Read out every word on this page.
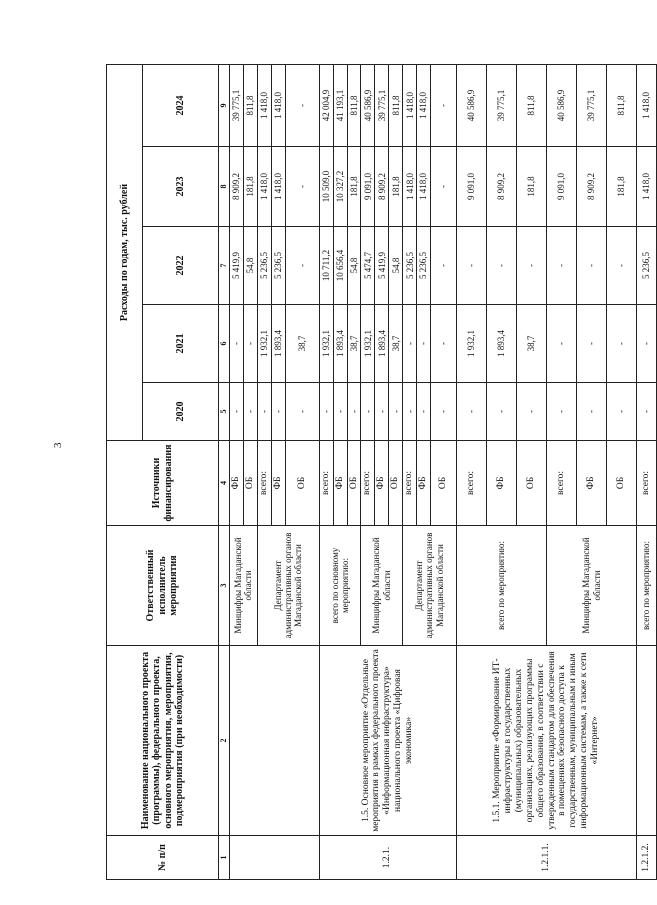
3
№ п/п	Наименование национального проекта (программы), федерального проекта, основного мероприятия, мероприятия, подмероприятия (при необходимости)	Ответственный исполнитель мероприятия	Источники финансирования	Расходы по годам, тыс. рублей				
				2020	2021	2022	2023	2024
1	2	3	4	5	6	7	8	9
		Минцифры Магаданской области	ФБ	-	-	5 419,9	8 909,2	39 775,1
			ОБ	-	-	54,8	181,8	811,8
		Департамент административных органов Магаданской области	всего:	-	1 932,1	5 236,5	1 418,0	1 418,0
			ФБ	-	1 893,4	5 236,5	1 418,0	1 418,0
			ОБ	-	38,7	-	-	-
1.2.1.	1.5. Основное мероприятие «Отдельные мероприятия в рамках федерального проекта «Информационная инфраструктура» национального проекта «Цифровая экономика»	всего по основному мероприятию:	всего:	-	1 932,1	10 711,2	10 509,0	42 004,9
			ФБ	-	1 893,4	10 656,4	10 327,2	41 193,1
			ОБ	-	38,7	54,8	181,8	811,8
		Минцифры Магаданской области	всего:	-	1 932,1	5 474,7	9 091,0	40 586,9
			ФБ	-	1 893,4	5 419,9	8 909,2	39 775,1
			ОБ	-	38,7	54,8	181,8	811,8
		Департамент административных органов Магаданской области	всего:	-	-	5 236,5	1 418,0	1 418,0
			ФБ	-	-	5 236,5	1 418,0	1 418,0
			ОБ	-	-	-	-	-
1.2.1.1.	1.5.1. Мероприятие «Формирование ИТ-инфраструктуры в государственных (муниципальных) образовательных организациях, реализующих программы общего образования, в соответствии с утвержденным стандартом для обеспечения в помещениях безопасного доступа к государственным, муниципальным и иным информационным системам, а также к сети «Интернет»	всего по мероприятию:	всего:	-	1 932,1	-	9 091,0	40 586,9
			ФБ	-	1 893,4	-	8 909,2	39 775,1
			ОБ	-	38,7	-	181,8	811,8
		Минцифры Магаданской области	всего:	-	-	-	9 091,0	40 586,9
			ФБ	-	-	-	8 909,2	39 775,1
			ОБ	-	-	-	181,8	811,8
1.2.1.2.		всего по мероприятию:	всего:	-	-	5 236,5	1 418,0	1 418,0
